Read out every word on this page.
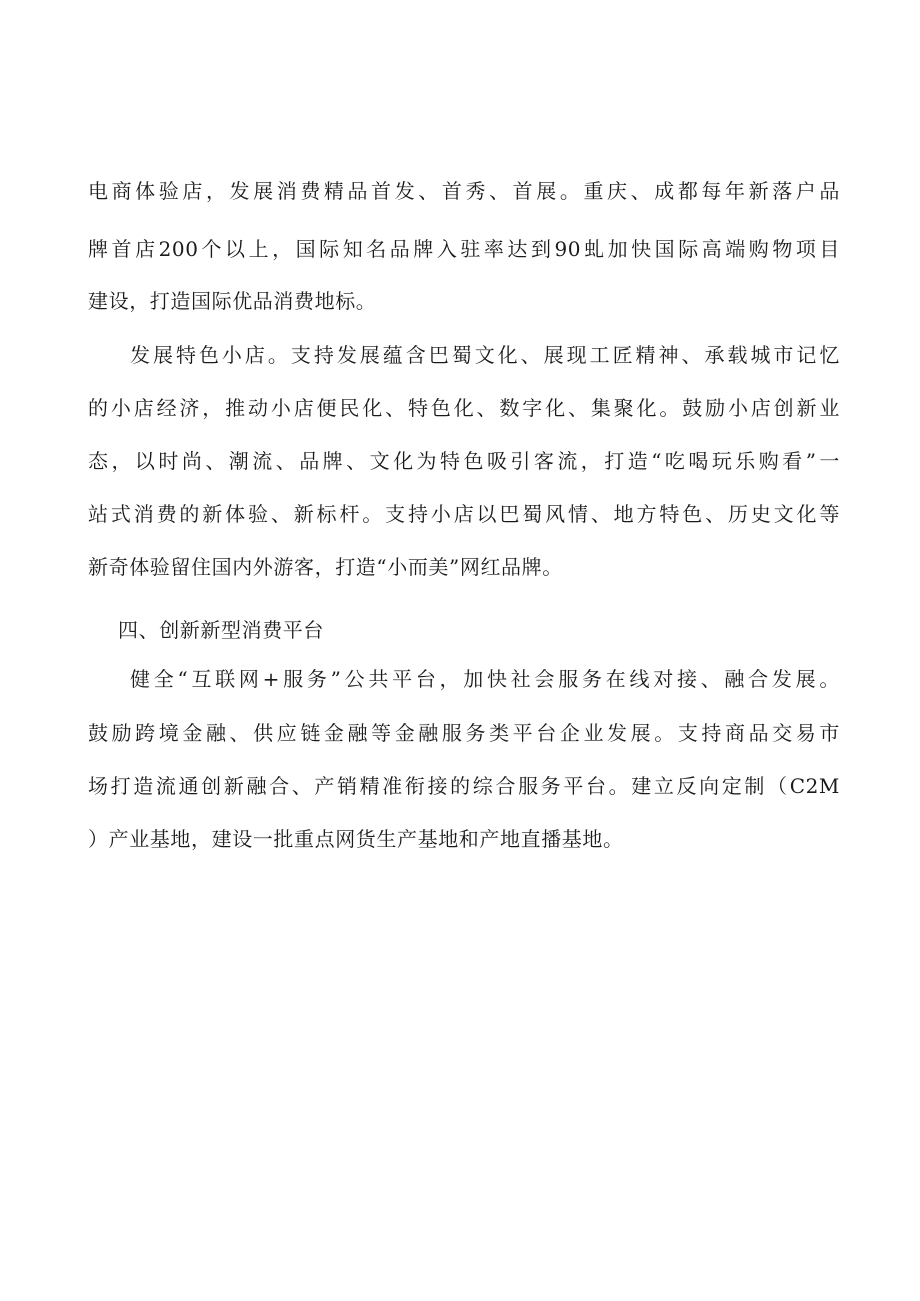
电商体验店，发展消费精品首发、首秀、首展。重庆、成都每年新落户品
牌首店200个以上，国际知名品牌入驻率达到90虬加快国际高端购物项目
建设，打造国际优品消费地标。
发展特色小店。支持发展蕴含巴蜀文化、展现工匠精神、承载城市记忆
的小店经济，推动小店便民化、特色化、数字化、集聚化。鼓励小店创新业
态，以时尚、潮流、品牌、文化为特色吸引客流，打造“吃喝玩乐购看”一
站式消费的新体验、新标杆。支持小店以巴蜀风情、地方特色、历史文化等
新奇体验留住国内外游客，打造“小而美”网红品牌。
四、创新新型消费平台
健全“互联网+服务”公共平台，加快社会服务在线对接、融合发展。
鼓励跨境金融、供应链金融等金融服务类平台企业发展。支持商品交易市
场打造流通创新融合、产销精准衔接的综合服务平台。建立反向定制（C2M
）产业基地，建设一批重点网货生产基地和产地直播基地。
